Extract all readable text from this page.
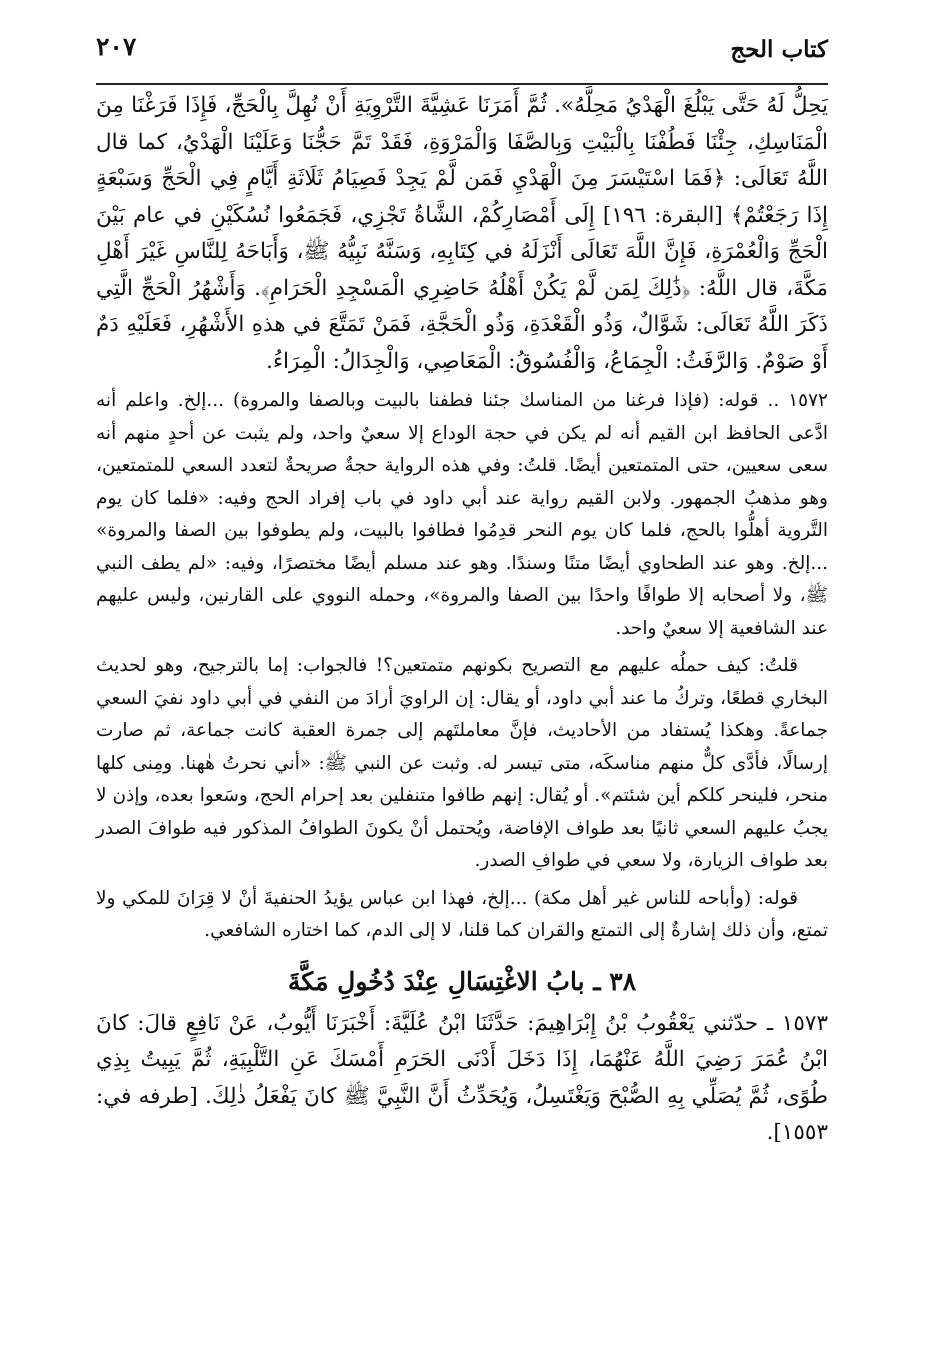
٢٠٧	كتاب الحج

يَحِلُّ لَهُ حَتَّى يَبْلُغَ الْهَدْيُ مَحِلَّهُ». ثُمَّ أَمَرَنَا عَشِيَّةَ التَّرْوِيَةِ أَنْ نُهِلَّ بِالْحَجِّ، فَإِذَا فَرَغْنَا مِنَ الْمَنَاسِكِ، جِئْنَا فَطُفْنَا بِالْبَيْتِ وَبِالصَّفَا وَالْمَرْوَةِ، فَقَدْ تَمَّ حَجُّنَا وَعَلَيْنَا الْهَدْيُ، كما قال اللَّهُ تَعَالَى: ﴿فَمَا اسْتَيْسَرَ مِنَ الْهَدْيِ فَمَن لَّمْ يَجِدْ فَصِيَامُ ثَلَاثَةِ أَيَّامٍ فِي الْحَجِّ وَسَبْعَةٍ إِذَا رَجَعْتُمْ﴾ [البقرة: ١٩٦] إِلَى أَمْصَارِكُمْ، الشَّاةُ تَجْزِي، فَجَمَعُوا نُسُكَيْنِ في عام بَيْنَ الْحَجِّ وَالْعُمْرَةِ، فَإِنَّ اللَّهَ تَعَالَى أَنْزَلَهُ في كِتَابِهِ، وَسَنَّهُ نَبِيُّهُ ﷺ، وَأَبَاحَهُ لِلنَّاسِ غَيْرَ أَهْلِ مَكَّةَ، قال اللَّهُ: ﴿ذَٰلِكَ لِمَن لَّمْ يَكُنْ أَهْلُهُ حَاضِرِي الْمَسْجِدِ الْحَرَامِ﴾. وَأَشْهُرُ الْحَجِّ الَّتِي ذَكَرَ اللَّهُ تَعَالَى: شَوَّالٌ، وَذُو الْقَعْدَةِ، وَذُو الْحَجَّةِ، فَمَنْ تَمَتَّعَ في هذهِ الأَشْهُرِ، فَعَلَيْهِ دَمٌ أَوْ صَوْمٌ. وَالرَّفَثُ: الْجِمَاعُ، وَالْفُسُوقُ: الْمَعَاصِي، وَالْجِدَالُ: الْمِرَاءُ.

١٥٧٢ .. قوله: (فإذا فرغنا من المناسك جئنا فطفنا بالبيت وبالصفا والمروة) ...إلخ. واعلم أنه ادَّعى الحافظ ابن القيم أنه لم يكن في حجة الوداع إلا سعيٌ واحد، ولم يثبت عن أحدٍ منهم أنه سعى سعيين، حتى المتمتعين أيضًا. قلتُ: وفي هذه الرواية حجةٌ صريحةٌ لتعدد السعي للمتمتعين، وهو مذهبُ الجمهور. ولابن القيم رواية عند أبي داود في باب إفراد الحج وفيه: «فلما كان يوم التَّروية أهلُّوا بالحج، فلما كان يوم النحر قدِمُوا فطافوا بالبيت، ولم يطوفوا بين الصفا والمروة» ...إلخ. وهو عند الطحاوي أيضًا متنًا وسندًا. وهو عند مسلم أيضًا مختصرًا، وفيه: «لم يطف النبي ﷺ، ولا أصحابه إلا طوافًا واحدًا بين الصفا والمروة»، وحمله النووي على القارنين، وليس عليهم عند الشافعية إلا سعيٌ واحد.

قلتُ: كيف حملُه عليهم مع التصريح بكونهم متمتعين؟! فالجواب: إما بالترجيح، وهو لحديث البخاري قطعًا، وتركُ ما عند أبي داود، أو يقال: إن الراويَ أرادَ من النفي في أبي داود نفيَ السعي جماعةً. وهكذا يُستفاد من الأحاديث، فإنَّ معاملتَهم إلى جمرة العقبة كانت جماعة، ثم صارت إرسالًا، فأدَّى كلٌّ منهم مناسكَه، متى تيسر له. وثبت عن النبي ﷺ: «أني نحرتُ هٰهنا. ومِنى كلها منحر، فلينحر كلكم أين شئتم». أو يُقال: إنهم طافوا متنفلين بعد إحرام الحج، وسَعوا بعده، وإذن لا يجبُ عليهم السعي ثانيًا بعد طواف الإفاضة، ويُحتمل أنْ يكونَ الطوافُ المذكور فيه طوافَ الصدر بعد طواف الزيارة، ولا سعي في طوافِ الصدر.

قوله: (وأباحه للناس غير أهل مكة) ...إلخ، فهذا ابن عباس يؤيدُ الحنفيةَ أنْ لا قِرَانَ للمكي ولا تمتع، وأن ذلك إشارةٌ إلى التمتع والقران كما قلنا، لا إلى الدم، كما اختاره الشافعي.

٣٨ ـ بابُ الاغْتِسَالِ عِنْدَ دُخُولِ مَكَّةَ

١٥٧٣ ـ حدّثني يَعْقُوبُ بْنُ إِبْرَاهِيمَ: حَدَّثَنَا ابْنُ عُلَيَّةَ: أَخْبَرَنَا أَيُّوبُ، عَنْ نَافِعٍ قالَ: كانَ ابْنُ عُمَرَ رَضِيَ اللَّهُ عَنْهُمَا، إِذَا دَخَلَ أَدْنَى الحَرَمِ أَمْسَكَ عَنِ التَّلْبِيَةِ، ثُمَّ يَبِيتُ بِذِي طُوًى، ثُمَّ يُصَلِّي بِهِ الصُّبْحَ وَيَغْتَسِلُ، وَيُحَدِّثُ أَنَّ النَّبِيَّ ﷺ كانَ يَفْعَلُ ذٰلِكَ. [طرفه في: ١٥٥٣].
